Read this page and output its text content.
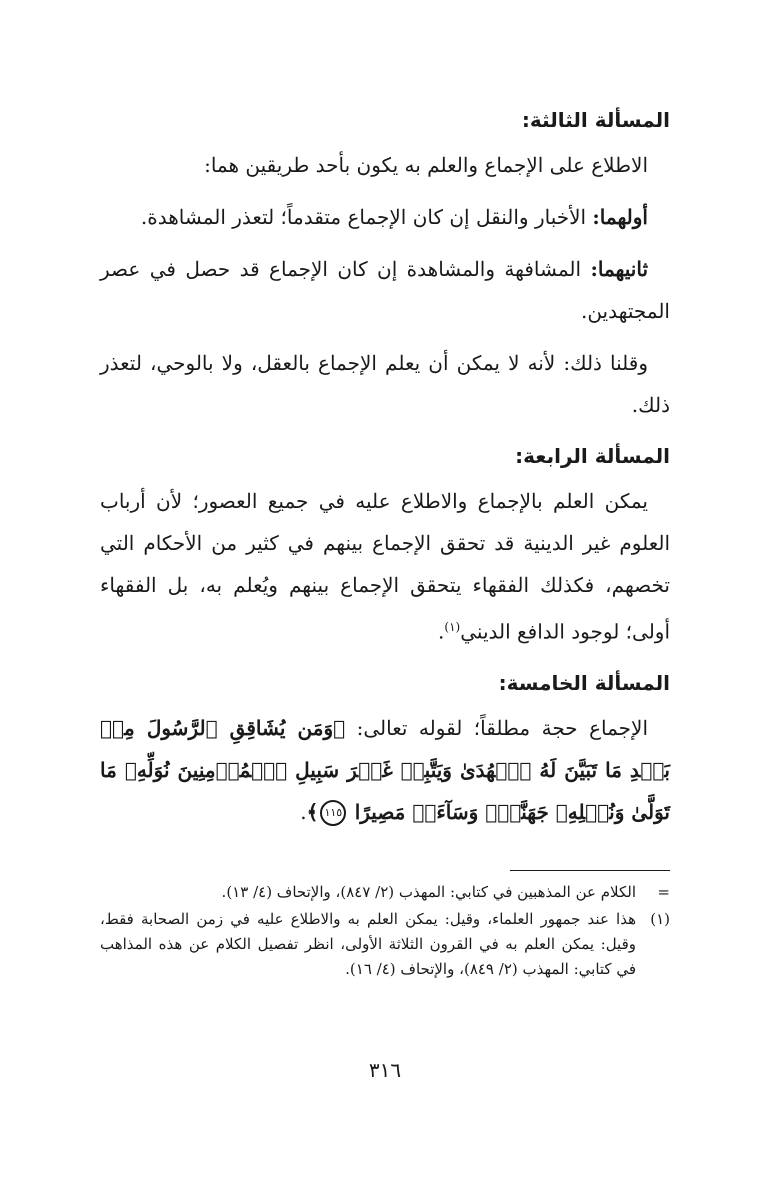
المسألة الثالثة:

الاطلاع على الإجماع والعلم به يكون بأحد طريقين هما:

أولهما: الأخبار والنقل إن كان الإجماع متقدماً؛ لتعذر المشاهدة.

ثانيهما: المشافهة والمشاهدة إن كان الإجماع قد حصل في عصر المجتهدين.

وقلنا ذلك: لأنه لا يمكن أن يعلم الإجماع بالعقل، ولا بالوحي، لتعذر ذلك.

المسألة الرابعة:

يمكن العلم بالإجماع والاطلاع عليه في جميع العصور؛ لأن أرباب العلوم غير الدينية قد تحقق الإجماع بينهم في كثير من الأحكام التي تخصهم، فكذلك الفقهاء يتحقق الإجماع بينهم ويُعلم به، بل الفقهاء أولى؛ لوجود الدافع الديني$^{(١)}$.

المسألة الخامسة:

الإجماع حجة مطلقاً؛ لقوله تعالى: ﴿وَمَن يُشَاقِقِ ٱلرَّسُولَ مِنۢ بَعۡدِ مَا تَبَيَّنَ لَهُ ٱلۡهُدَىٰ وَيَتَّبِعۡ غَيۡرَ سَبِيلِ ٱلۡمُؤۡمِنِينَ نُوَلِّهِۦ مَا تَوَلَّىٰ وَنُصۡلِهِۦ جَهَنَّمَۖ وَسَآءَتۡ مَصِيرًا ١١٥﴾.

=
الكلام عن المذهبين في كتابي: المهذب (٢/ ٨٤٧)، والإتحاف (٤/ ١٣).
(١)
هذا عند جمهور العلماء، وقيل: يمكن العلم به والاطلاع عليه في زمن الصحابة فقط، وقيل: يمكن العلم به في القرون الثلاثة الأولى، انظر تفصيل الكلام عن هذه المذاهب في كتابي: المهذب (٢/ ٨٤٩)، والإتحاف (٤/ ١٦).
٣١٦
